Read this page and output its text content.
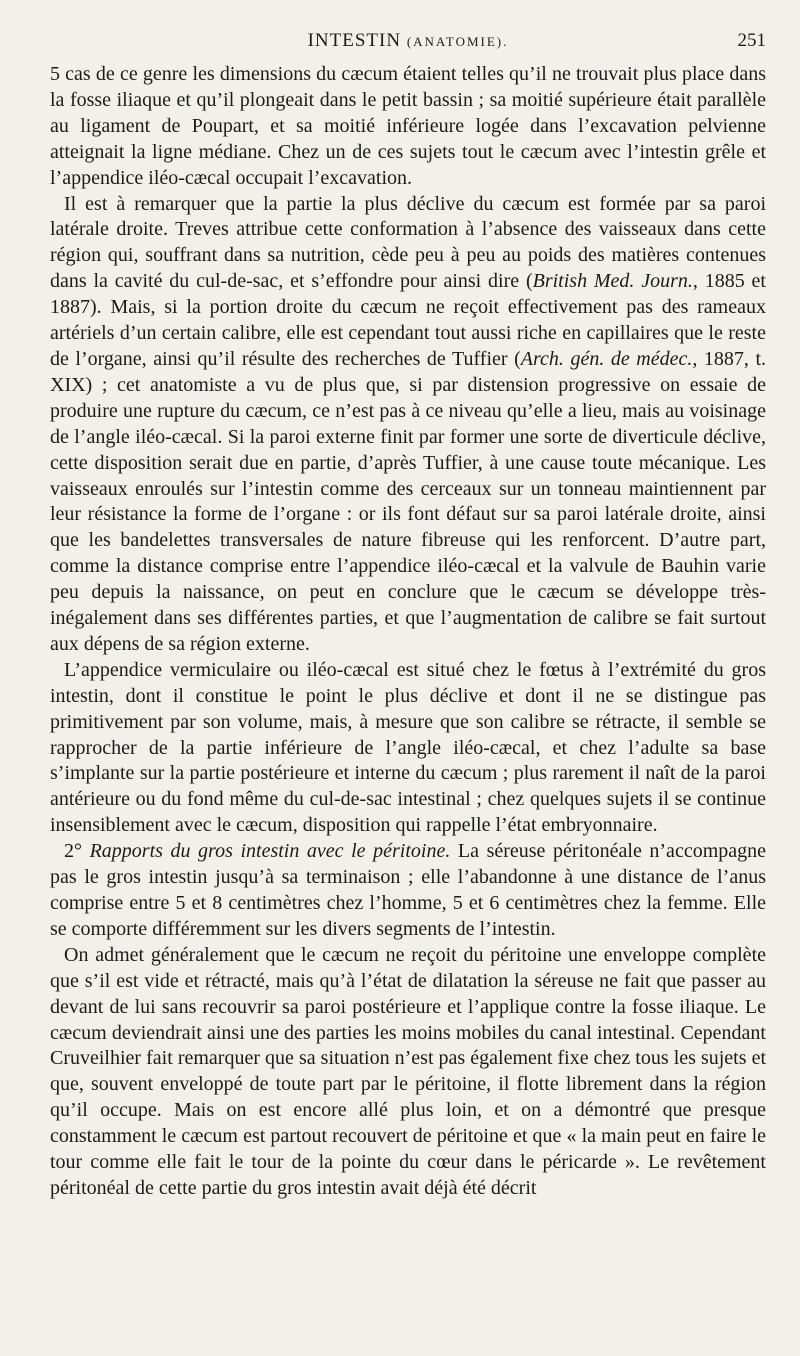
INTESTIN (ANATOMIE).	251

5 cas de ce genre les dimensions du cæcum étaient telles qu’il ne trouvait plus place dans la fosse iliaque et qu’il plongeait dans le petit bassin ; sa moitié supérieure était parallèle au ligament de Poupart, et sa moitié inférieure logée dans l’excavation pelvienne atteignait la ligne médiane. Chez un de ces sujets tout le cæcum avec l’intestin grêle et l’appendice iléo-cæcal occupait l’excavation.

Il est à remarquer que la partie la plus déclive du cæcum est formée par sa paroi latérale droite. Treves attribue cette conformation à l’absence des vaisseaux dans cette région qui, souffrant dans sa nutrition, cède peu à peu au poids des matières contenues dans la cavité du cul-de-sac, et s’effondre pour ainsi dire (British Med. Journ., 1885 et 1887). Mais, si la portion droite du cæcum ne reçoit effectivement pas des rameaux artériels d’un certain calibre, elle est cependant tout aussi riche en capillaires que le reste de l’organe, ainsi qu’il résulte des recherches de Tuffier (Arch. gén. de médec., 1887, t. XIX) ; cet anatomiste a vu de plus que, si par distension progressive on essaie de produire une rupture du cæcum, ce n’est pas à ce niveau qu’elle a lieu, mais au voisinage de l’angle iléo-cæcal. Si la paroi externe finit par former une sorte de diverticule déclive, cette disposition serait due en partie, d’après Tuffier, à une cause toute mécanique. Les vaisseaux enroulés sur l’intestin comme des cerceaux sur un tonneau maintiennent par leur résistance la forme de l’organe : or ils font défaut sur sa paroi latérale droite, ainsi que les bandelettes transversales de nature fibreuse qui les renforcent. D’autre part, comme la distance comprise entre l’appendice iléo-cæcal et la valvule de Bauhin varie peu depuis la naissance, on peut en conclure que le cæcum se développe très-inégalement dans ses différentes parties, et que l’augmentation de calibre se fait surtout aux dépens de sa région externe.

L’appendice vermiculaire ou iléo-cæcal est situé chez le fœtus à l’extrémité du gros intestin, dont il constitue le point le plus déclive et dont il ne se distingue pas primitivement par son volume, mais, à mesure que son calibre se rétracte, il semble se rapprocher de la partie inférieure de l’angle iléo-cæcal, et chez l’adulte sa base s’implante sur la partie postérieure et interne du cæcum ; plus rarement il naît de la paroi antérieure ou du fond même du cul-de-sac intestinal ; chez quelques sujets il se continue insensiblement avec le cæcum, disposition qui rappelle l’état embryonnaire.

2° Rapports du gros intestin avec le péritoine. La séreuse péritonéale n’accompagne pas le gros intestin jusqu’à sa terminaison ; elle l’abandonne à une distance de l’anus comprise entre 5 et 8 centimètres chez l’homme, 5 et 6 centimètres chez la femme. Elle se comporte différemment sur les divers segments de l’intestin.

On admet généralement que le cæcum ne reçoit du péritoine une enveloppe complète que s’il est vide et rétracté, mais qu’à l’état de dilatation la séreuse ne fait que passer au devant de lui sans recouvrir sa paroi postérieure et l’applique contre la fosse iliaque. Le cæcum deviendrait ainsi une des parties les moins mobiles du canal intestinal. Cependant Cruveilhier fait remarquer que sa situation n’est pas également fixe chez tous les sujets et que, souvent enveloppé de toute part par le péritoine, il flotte librement dans la région qu’il occupe. Mais on est encore allé plus loin, et on a démontré que presque constamment le cæcum est partout recouvert de péritoine et que « la main peut en faire le tour comme elle fait le tour de la pointe du cœur dans le péricarde ». Le revêtement péritonéal de cette partie du gros intestin avait déjà été décrit
